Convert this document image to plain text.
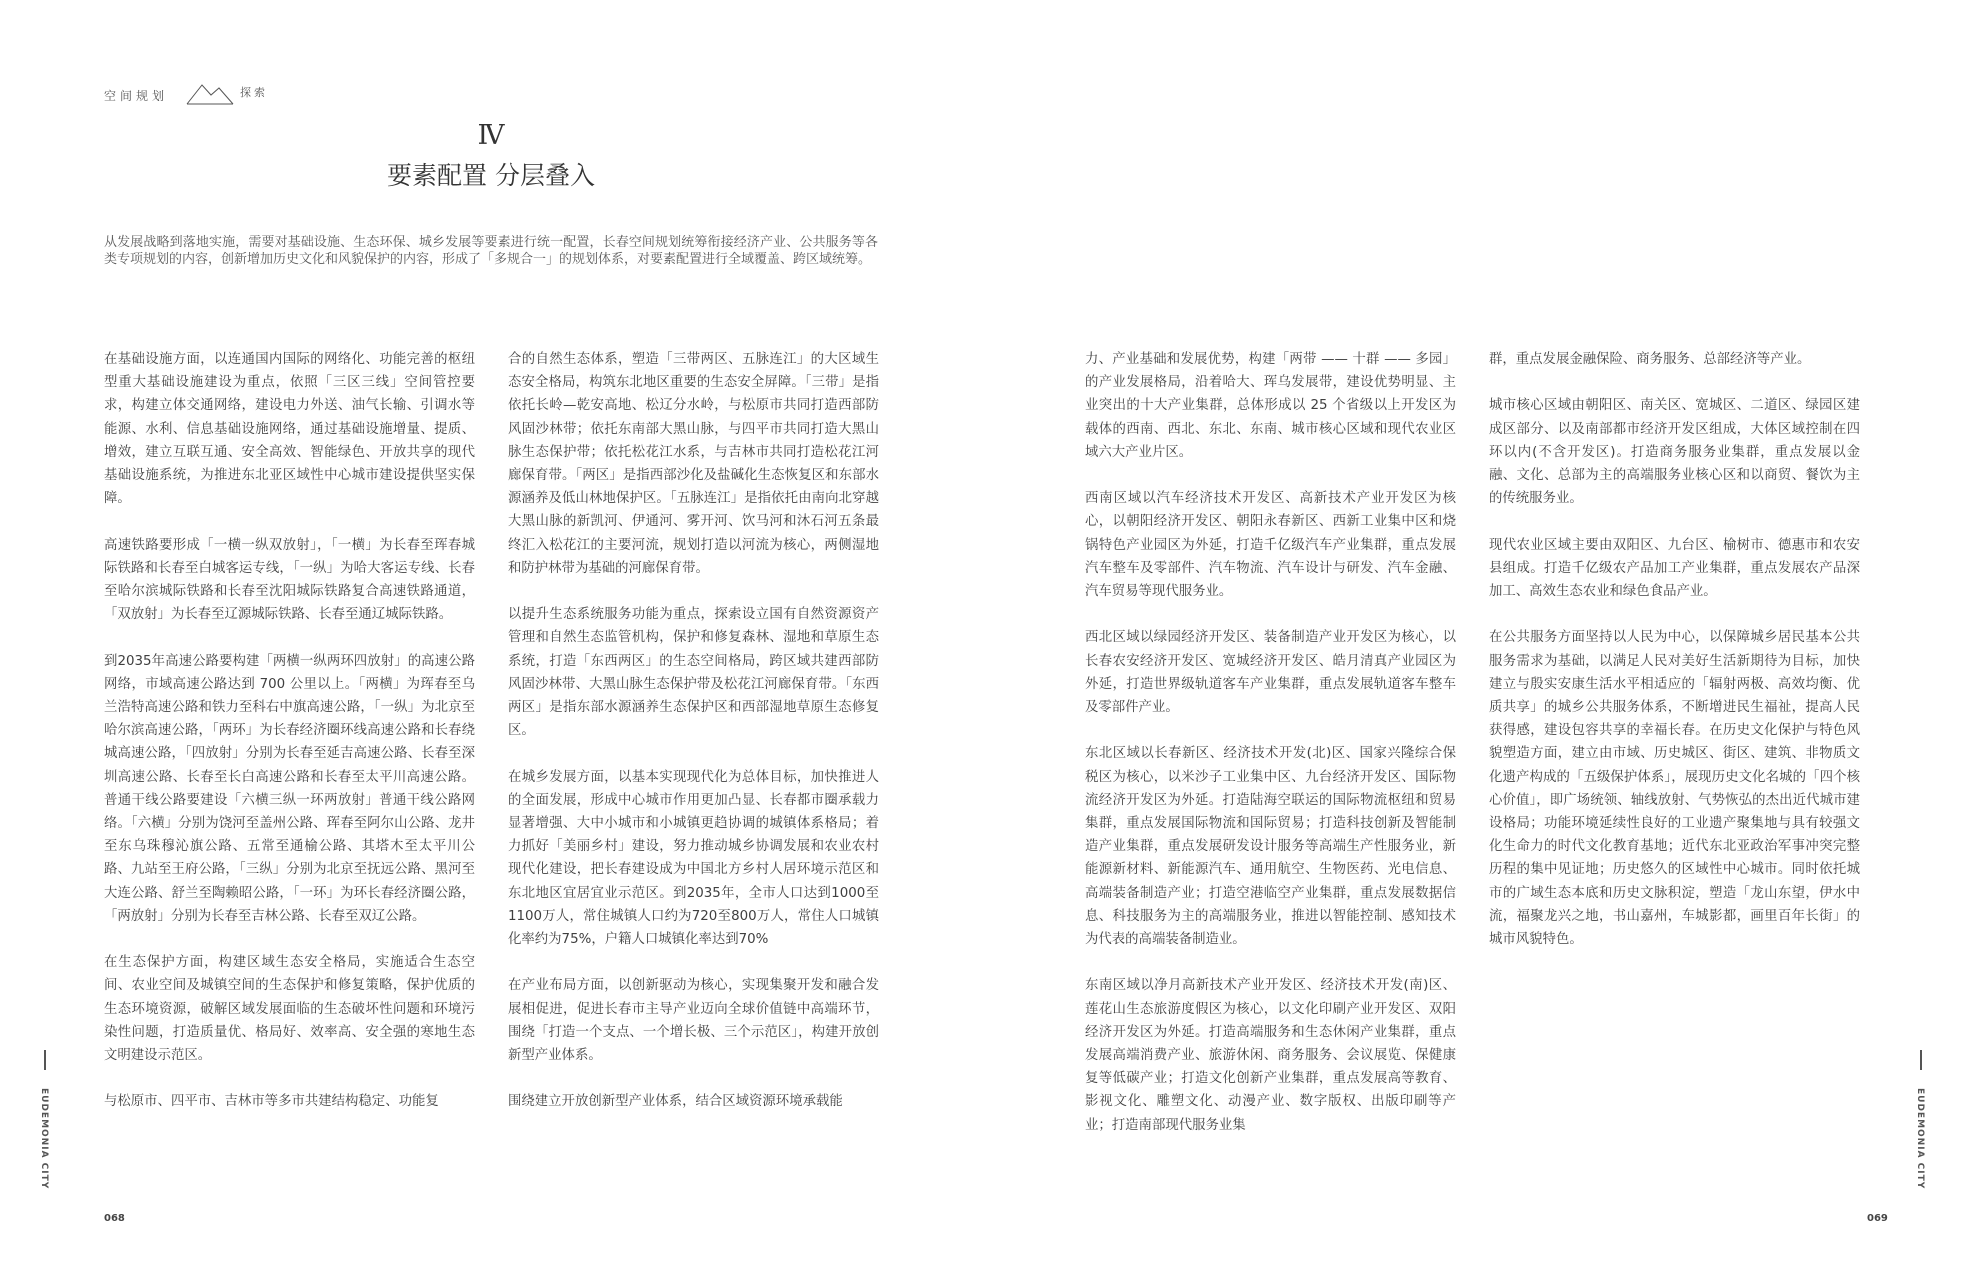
空间规划	探索
Ⅳ
要素配置 分层叠入
从发展战略到落地实施，需要对基础设施、生态环保、城乡发展等要素进行统一配置，长春空间规划统筹衔接经济产业、公共服务等各类专项规划的内容，创新增加历史文化和风貌保护的内容，形成了「多规合一」的规划体系，对要素配置进行全域覆盖、跨区域统筹。

在基础设施方面，以连通国内国际的网络化、功能完善的枢纽型重大基础设施建设为重点，依照「三区三线」空间管控要求，构建立体交通网络，建设电力外送、油气长输、引调水等能源、水利、信息基础设施网络，通过基础设施增量、提质、增效，建立互联互通、安全高效、智能绿色、开放共享的现代基础设施系统，为推进东北亚区域性中心城市建设提供坚实保障。

高速铁路要形成「一横一纵双放射」，「一横」为长春至珲春城际铁路和长春至白城客运专线，「一纵」为哈大客运专线、长春至哈尔滨城际铁路和长春至沈阳城际铁路复合高速铁路通道，「双放射」为长春至辽源城际铁路、长春至通辽城际铁路。

到2035年高速公路要构建「两横一纵两环四放射」的高速公路网络，市域高速公路达到 700 公里以上。「两横」为珲春至乌兰浩特高速公路和铁力至科右中旗高速公路，「一纵」为北京至哈尔滨高速公路，「两环」为长春经济圈环线高速公路和长春绕城高速公路，「四放射」分别为长春至延吉高速公路、长春至深圳高速公路、长春至长白高速公路和长春至太平川高速公路。普通干线公路要建设「六横三纵一环两放射」普通干线公路网络。「六横」分别为饶河至盖州公路、珲春至阿尔山公路、龙井至东乌珠穆沁旗公路、五常至通榆公路、其塔木至太平川公路、九站至王府公路，「三纵」分别为北京至抚远公路、黑河至大连公路、舒兰至陶赖昭公路，「一环」为环长春经济圈公路，「两放射」分别为长春至吉林公路、长春至双辽公路。

在生态保护方面，构建区域生态安全格局，实施适合生态空间、农业空间及城镇空间的生态保护和修复策略，保护优质的生态环境资源，破解区域发展面临的生态破坏性问题和环境污染性问题，打造质量优、格局好、效率高、安全强的寒地生态文明建设示范区。

与松原市、四平市、吉林市等多市共建结构稳定、功能复

合的自然生态体系，塑造「三带两区、五脉连江」的大区域生态安全格局，构筑东北地区重要的生态安全屏障。「三带」是指依托长岭—乾安高地、松辽分水岭，与松原市共同打造西部防风固沙林带；依托东南部大黑山脉，与四平市共同打造大黑山脉生态保护带；依托松花江水系，与吉林市共同打造松花江河廊保育带。「两区」是指西部沙化及盐碱化生态恢复区和东部水源涵养及低山林地保护区。「五脉连江」是指依托由南向北穿越大黑山脉的新凯河、伊通河、雾开河、饮马河和沐石河五条最终汇入松花江的主要河流，规划打造以河流为核心，两侧湿地和防护林带为基础的河廊保育带。

以提升生态系统服务功能为重点，探索设立国有自然资源资产管理和自然生态监管机构，保护和修复森林、湿地和草原生态系统，打造「东西两区」的生态空间格局，跨区域共建西部防风固沙林带、大黑山脉生态保护带及松花江河廊保育带。「东西两区」是指东部水源涵养生态保护区和西部湿地草原生态修复区。

在城乡发展方面，以基本实现现代化为总体目标，加快推进人的全面发展，形成中心城市作用更加凸显、长春都市圈承载力显著增强、大中小城市和小城镇更趋协调的城镇体系格局；着力抓好「美丽乡村」建设，努力推动城乡协调发展和农业农村现代化建设，把长春建设成为中国北方乡村人居环境示范区和东北地区宜居宜业示范区。到2035年，全市人口达到1000至1100万人，常住城镇人口约为720至800万人，常住人口城镇化率约为75%，户籍人口城镇化率达到70%

在产业布局方面，以创新驱动为核心，实现集聚开发和融合发展相促进，促进长春市主导产业迈向全球价值链中高端环节，围绕「打造一个支点、一个增长极、三个示范区」，构建开放创新型产业体系。

围绕建立开放创新型产业体系，结合区域资源环境承载能

EUDEMONIA CITY
068

力、产业基础和发展优势，构建「两带 —— 十群 —— 多园」的产业发展格局，沿着哈大、珲乌发展带，建设优势明显、主业突出的十大产业集群，总体形成以 25 个省级以上开发区为载体的西南、西北、东北、东南、城市核心区域和现代农业区域六大产业片区。

西南区域以汽车经济技术开发区、高新技术产业开发区为核心，以朝阳经济开发区、朝阳永春新区、西新工业集中区和烧锅特色产业园区为外延，打造千亿级汽车产业集群，重点发展汽车整车及零部件、汽车物流、汽车设计与研发、汽车金融、汽车贸易等现代服务业。

西北区域以绿园经济开发区、装备制造产业开发区为核心，以长春农安经济开发区、宽城经济开发区、皓月清真产业园区为外延，打造世界级轨道客车产业集群，重点发展轨道客车整车及零部件产业。

东北区域以长春新区、经济技术开发(北)区、国家兴隆综合保税区为核心，以米沙子工业集中区、九台经济开发区、国际物流经济开发区为外延。打造陆海空联运的国际物流枢纽和贸易集群，重点发展国际物流和国际贸易；打造科技创新及智能制造产业集群，重点发展研发设计服务等高端生产性服务业，新能源新材料、新能源汽车、通用航空、生物医药、光电信息、高端装备制造产业；打造空港临空产业集群，重点发展数据信息、科技服务为主的高端服务业，推进以智能控制、感知技术为代表的高端装备制造业。

东南区域以净月高新技术产业开发区、经济技术开发(南)区、莲花山生态旅游度假区为核心，以文化印刷产业开发区、双阳经济开发区为外延。打造高端服务和生态休闲产业集群，重点发展高端消费产业、旅游休闲、商务服务、会议展览、保健康复等低碳产业；打造文化创新产业集群，重点发展高等教育、影视文化、雕塑文化、动漫产业、数字版权、出版印刷等产业；打造南部现代服务业集

群，重点发展金融保险、商务服务、总部经济等产业。

城市核心区域由朝阳区、南关区、宽城区、二道区、绿园区建成区部分、以及南部都市经济开发区组成，大体区域控制在四环以内(不含开发区)。打造商务服务业集群，重点发展以金融、文化、总部为主的高端服务业核心区和以商贸、餐饮为主的传统服务业。

现代农业区域主要由双阳区、九台区、榆树市、德惠市和农安县组成。打造千亿级农产品加工产业集群，重点发展农产品深加工、高效生态农业和绿色食品产业。

在公共服务方面坚持以人民为中心，以保障城乡居民基本公共服务需求为基础，以满足人民对美好生活新期待为目标，加快建立与殷实安康生活水平相适应的「辐射两极、高效均衡、优质共享」的城乡公共服务体系，不断增进民生福祉，提高人民获得感，建设包容共享的幸福长春。在历史文化保护与特色风貌塑造方面，建立由市域、历史城区、街区、建筑、非物质文化遗产构成的「五级保护体系」，展现历史文化名城的「四个核心价值」，即广场统领、轴线放射、气势恢弘的杰出近代城市建设格局；功能环境延续性良好的工业遗产聚集地与具有较强文化生命力的时代文化教育基地；近代东北亚政治军事冲突完整历程的集中见证地；历史悠久的区域性中心城市。同时依托城市的广域生态本底和历史文脉积淀，塑造「龙山东望，伊水中流，福聚龙兴之地，书山嘉州，车城影都，画里百年长街」的城市风貌特色。

EUDEMONIA CITY
069
